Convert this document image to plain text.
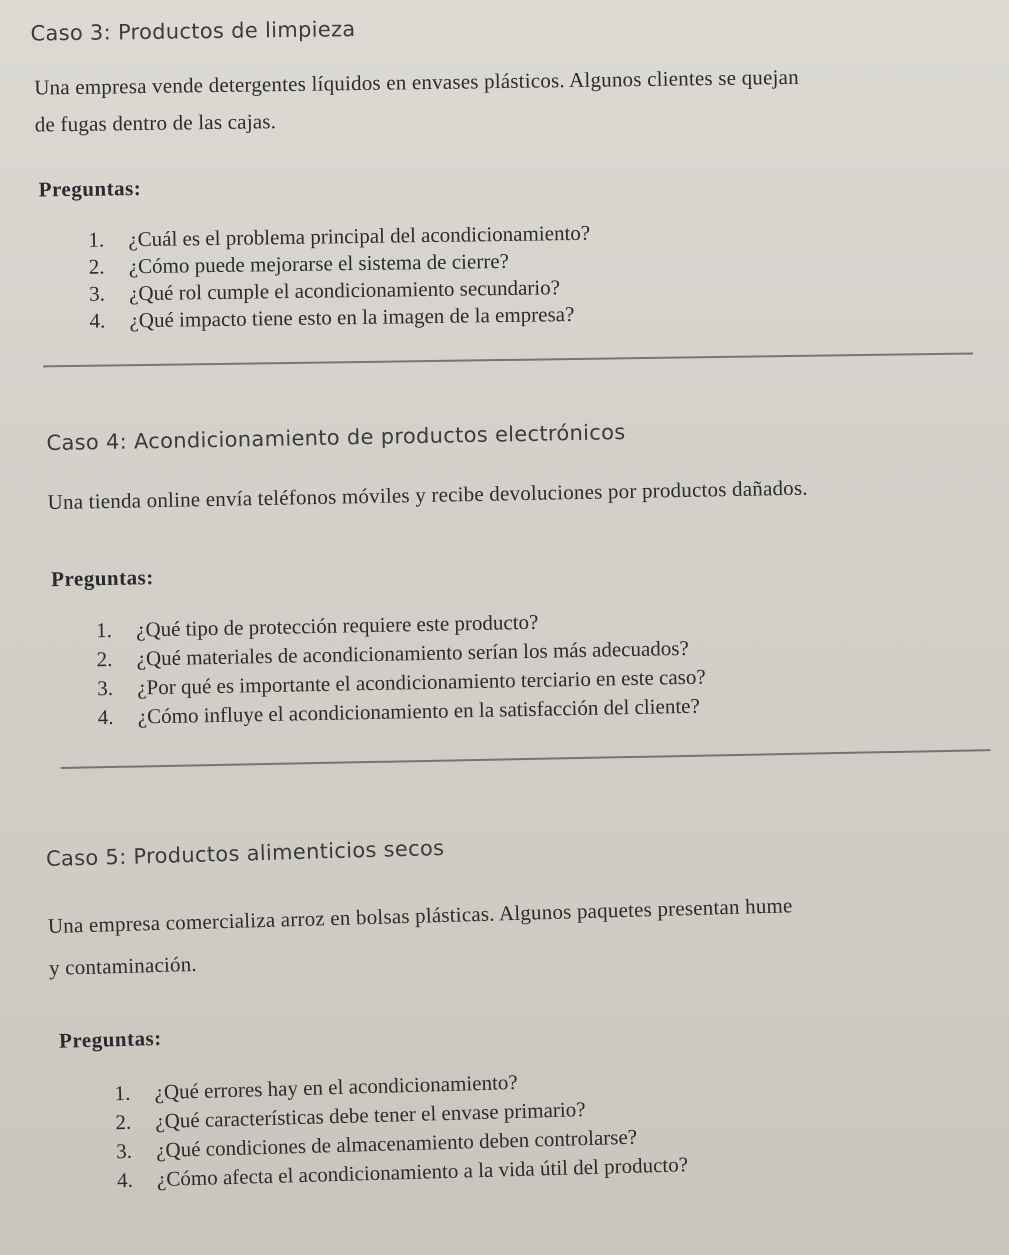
Caso 3: Productos de limpieza
Una empresa vende detergentes líquidos en envases plásticos. Algunos clientes se quejan
de fugas dentro de las cajas.
Preguntas:
1. ¿Cuál es el problema principal del acondicionamiento?
2. ¿Cómo puede mejorarse el sistema de cierre?
3. ¿Qué rol cumple el acondicionamiento secundario?
4. ¿Qué impacto tiene esto en la imagen de la empresa?
Caso 4: Acondicionamiento de productos electrónicos
Una tienda online envía teléfonos móviles y recibe devoluciones por productos dañados.
Preguntas:
1. ¿Qué tipo de protección requiere este producto?
2. ¿Qué materiales de acondicionamiento serían los más adecuados?
3. ¿Por qué es importante el acondicionamiento terciario en este caso?
4. ¿Cómo influye el acondicionamiento en la satisfacción del cliente?
Caso 5: Productos alimenticios secos
Una empresa comercializa arroz en bolsas plásticas. Algunos paquetes presentan hume
y contaminación.
Preguntas:
1. ¿Qué errores hay en el acondicionamiento?
2. ¿Qué características debe tener el envase primario?
3. ¿Qué condiciones de almacenamiento deben controlarse?
4. ¿Cómo afecta el acondicionamiento a la vida útil del producto?
